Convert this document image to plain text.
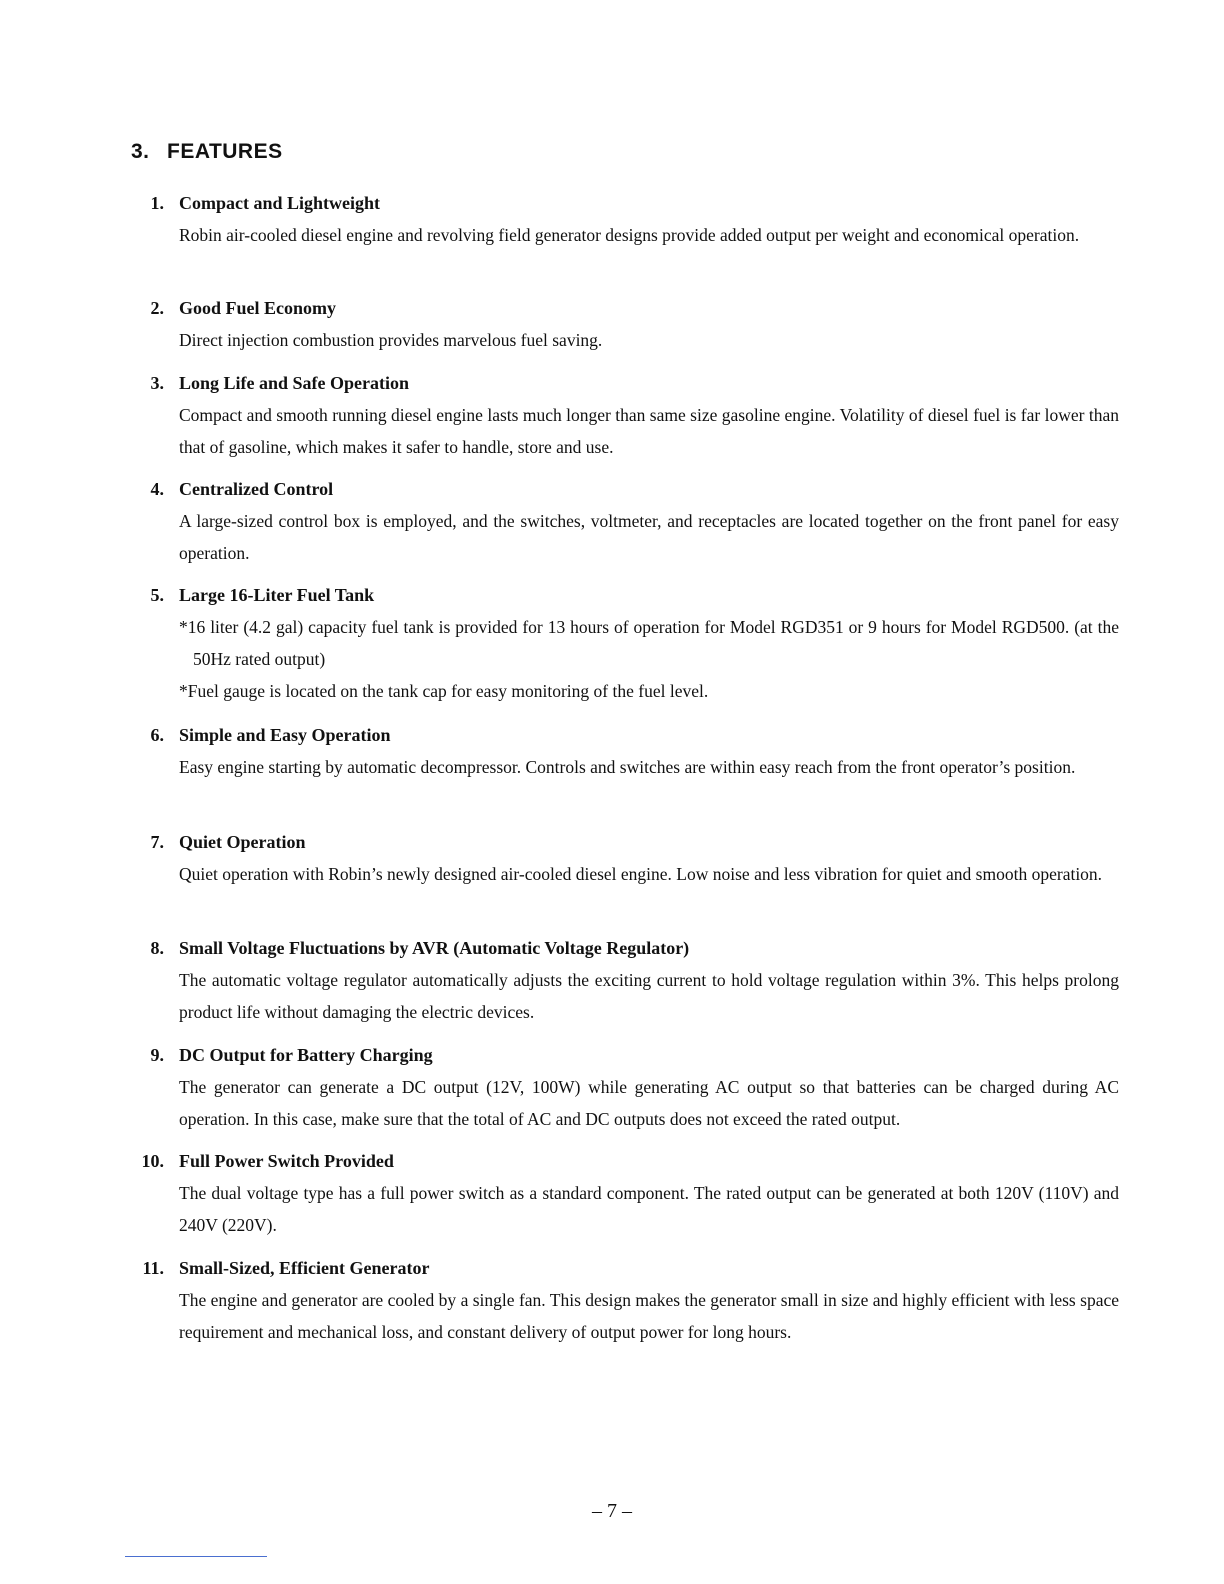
3. FEATURES
1. Compact and Lightweight

Robin air-cooled diesel engine and revolving field generator designs provide added output per weight and economical operation.

2. Good Fuel Economy

Direct injection combustion provides marvelous fuel saving.

3. Long Life and Safe Operation

Compact and smooth running diesel engine lasts much longer than same size gasoline engine. Volatility of diesel fuel is far lower than that of gasoline, which makes it safer to handle, store and use.

4. Centralized Control

A large-sized control box is employed, and the switches, voltmeter, and receptacles are located together on the front panel for easy operation.

5. Large 16-Liter Fuel Tank

*16 liter (4.2 gal) capacity fuel tank is provided for 13 hours of operation for Model RGD351 or 9 hours for Model RGD500. (at the 50Hz rated output)

*Fuel gauge is located on the tank cap for easy monitoring of the fuel level.

6. Simple and Easy Operation

Easy engine starting by automatic decompressor. Controls and switches are within easy reach from the front operator’s position.

7. Quiet Operation

Quiet operation with Robin’s newly designed air-cooled diesel engine. Low noise and less vibration for quiet and smooth operation.

8. Small Voltage Fluctuations by AVR (Automatic Voltage Regulator)

The automatic voltage regulator automatically adjusts the exciting current to hold voltage regulation within 3%. This helps prolong product life without damaging the electric devices.

9. DC Output for Battery Charging

The generator can generate a DC output (12V, 100W) while generating AC output so that batteries can be charged during AC operation. In this case, make sure that the total of AC and DC outputs does not exceed the rated output.

10. Full Power Switch Provided

The dual voltage type has a full power switch as a standard component. The rated output can be generated at both 120V (110V) and 240V (220V).

11. Small-Sized, Efficient Generator

The engine and generator are cooled by a single fan. This design makes the generator small in size and highly efficient with less space requirement and mechanical loss, and constant delivery of output power for long hours.

– 7 –
